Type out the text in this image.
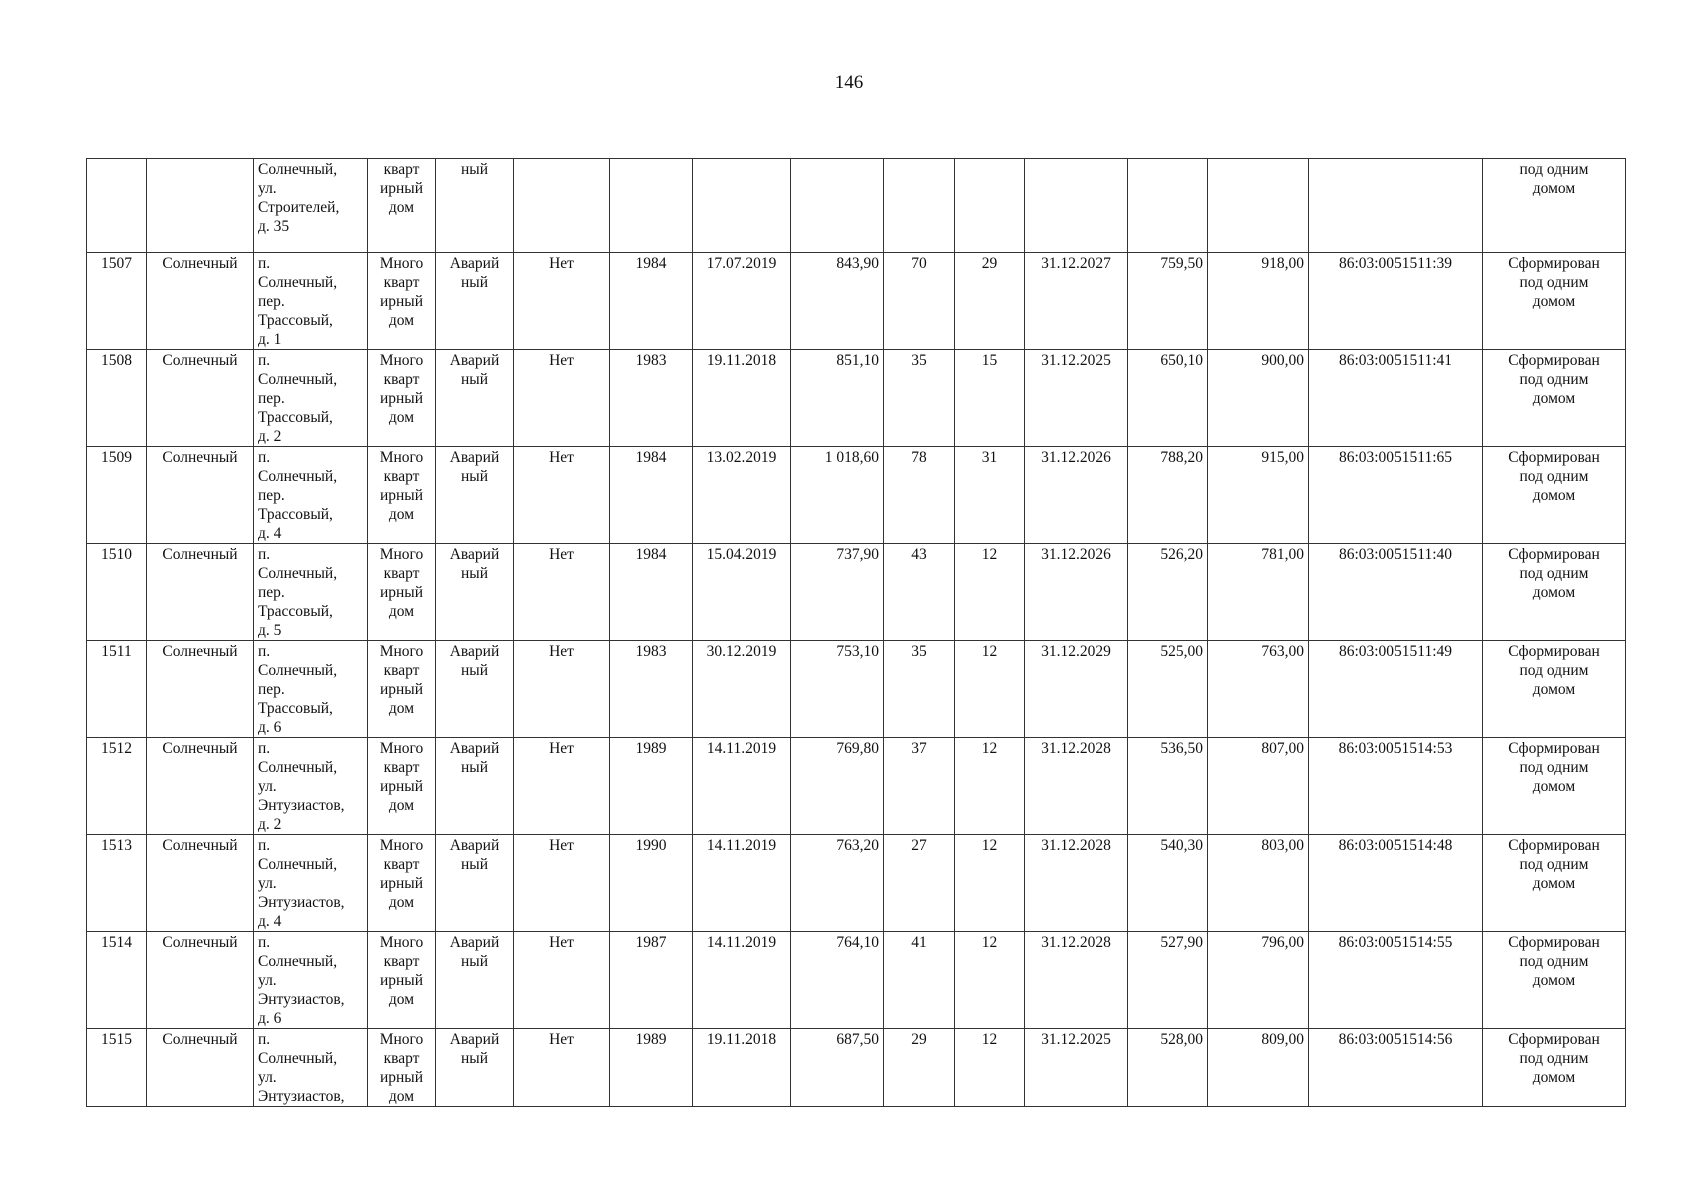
146
		Солнечный,
ул.
Строителей,
д. 35	кварт
ирный
дом	ный											под одним
домом
1507	Солнечный	п.
Солнечный,
пер.
Трассовый,
д. 1	Много
кварт
ирный
дом	Аварий
ный	Нет	1984	17.07.2019	843,90	70	29	31.12.2027	759,50	918,00	86:03:0051511:39	Сформирован
под одним
домом
1508	Солнечный	п.
Солнечный,
пер.
Трассовый,
д. 2	Много
кварт
ирный
дом	Аварий
ный	Нет	1983	19.11.2018	851,10	35	15	31.12.2025	650,10	900,00	86:03:0051511:41	Сформирован
под одним
домом
1509	Солнечный	п.
Солнечный,
пер.
Трассовый,
д. 4	Много
кварт
ирный
дом	Аварий
ный	Нет	1984	13.02.2019	1 018,60	78	31	31.12.2026	788,20	915,00	86:03:0051511:65	Сформирован
под одним
домом
1510	Солнечный	п.
Солнечный,
пер.
Трассовый,
д. 5	Много
кварт
ирный
дом	Аварий
ный	Нет	1984	15.04.2019	737,90	43	12	31.12.2026	526,20	781,00	86:03:0051511:40	Сформирован
под одним
домом
1511	Солнечный	п.
Солнечный,
пер.
Трассовый,
д. 6	Много
кварт
ирный
дом	Аварий
ный	Нет	1983	30.12.2019	753,10	35	12	31.12.2029	525,00	763,00	86:03:0051511:49	Сформирован
под одним
домом
1512	Солнечный	п.
Солнечный,
ул.
Энтузиастов,
д. 2	Много
кварт
ирный
дом	Аварий
ный	Нет	1989	14.11.2019	769,80	37	12	31.12.2028	536,50	807,00	86:03:0051514:53	Сформирован
под одним
домом
1513	Солнечный	п.
Солнечный,
ул.
Энтузиастов,
д. 4	Много
кварт
ирный
дом	Аварий
ный	Нет	1990	14.11.2019	763,20	27	12	31.12.2028	540,30	803,00	86:03:0051514:48	Сформирован
под одним
домом
1514	Солнечный	п.
Солнечный,
ул.
Энтузиастов,
д. 6	Много
кварт
ирный
дом	Аварий
ный	Нет	1987	14.11.2019	764,10	41	12	31.12.2028	527,90	796,00	86:03:0051514:55	Сформирован
под одним
домом
1515	Солнечный	п.
Солнечный,
ул.
Энтузиастов,	Много
кварт
ирный
дом	Аварий
ный	Нет	1989	19.11.2018	687,50	29	12	31.12.2025	528,00	809,00	86:03:0051514:56	Сформирован
под одним
домом
